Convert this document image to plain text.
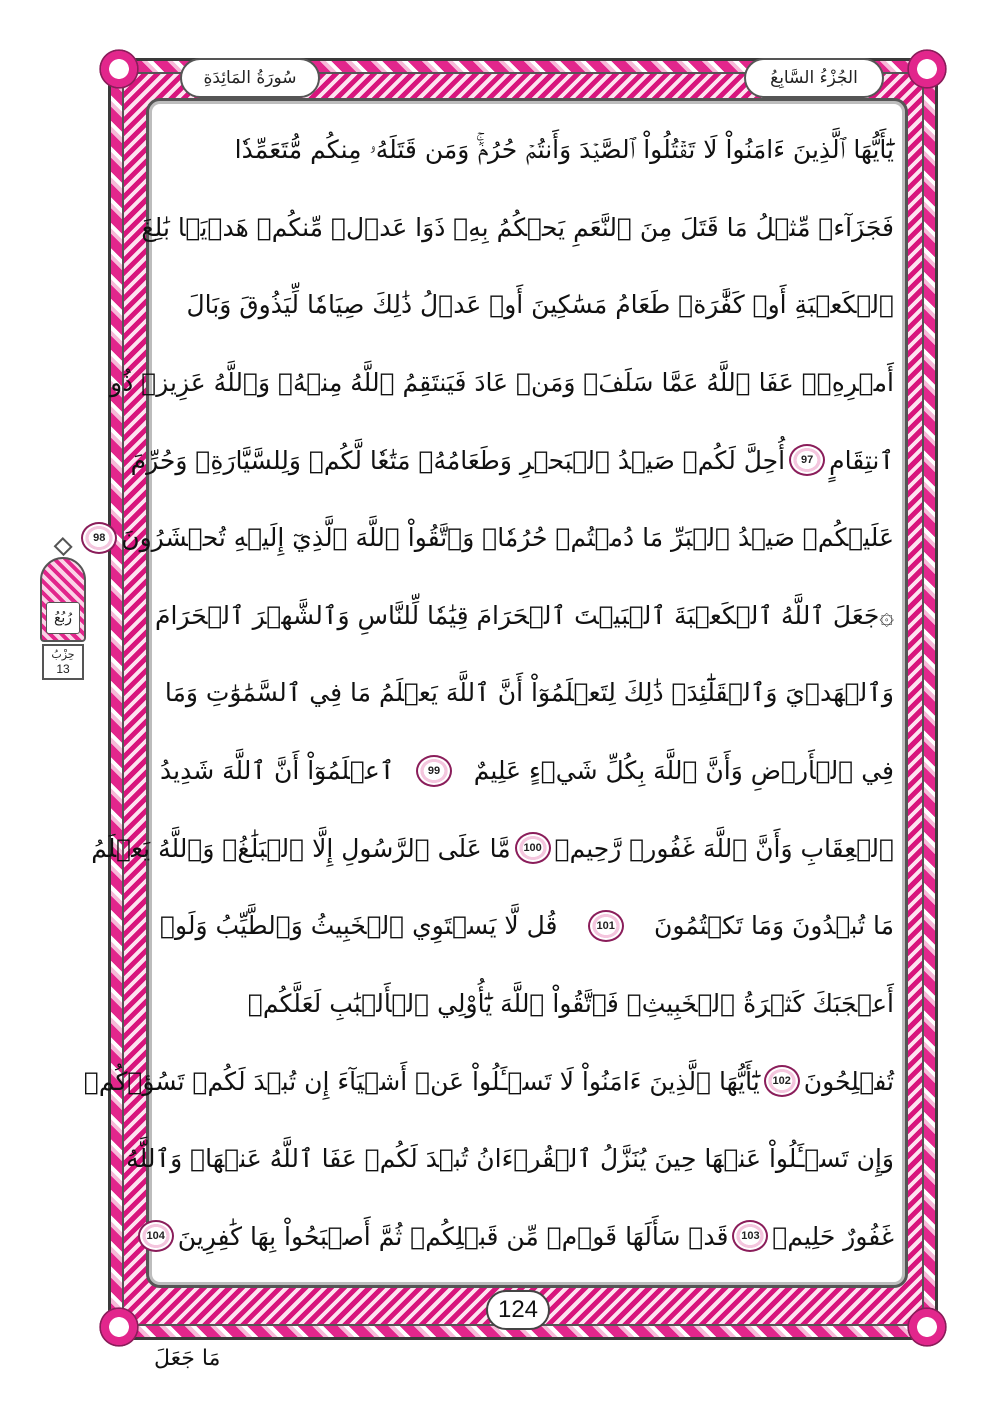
الجُزْءُ السَّابِعُ
سُورَةُ المَائِدَةِ
يَٰٓأَيُّهَا ٱلَّذِينَ ءَامَنُواْ لَا تَقۡتُلُواْ ٱلصَّيۡدَ وَأَنتُمۡ حُرُمٞۚ وَمَن قَتَلَهُۥ مِنكُم مُّتَعَمِّدٗا
فَجَزَآءٞ مِّثۡلُ مَا قَتَلَ مِنَ ٱلنَّعَمِ يَحۡكُمُ بِهِۦ ذَوَا عَدۡلٖ مِّنكُمۡ هَدۡيَۢا بَٰلِغَ
ٱلۡكَعۡبَةِ أَوۡ كَفَّٰرَةٞ طَعَامُ مَسَٰكِينَ أَوۡ عَدۡلُ ذَٰلِكَ صِيَامٗا لِّيَذُوقَ وَبَالَ
أَمۡرِهِۦۗ عَفَا ٱللَّهُ عَمَّا سَلَفَۚ وَمَنۡ عَادَ فَيَنتَقِمُ ٱللَّهُ مِنۡهُۚ وَٱللَّهُ عَزِيزٞ ذُو
ٱنتِقَامٍ
97
أُحِلَّ لَكُمۡ صَيۡدُ ٱلۡبَحۡرِ وَطَعَامُهُۥ مَتَٰعٗا لَّكُمۡ وَلِلسَّيَّارَةِۖ وَحُرِّمَ
عَلَيۡكُمۡ صَيۡدُ ٱلۡبَرِّ مَا دُمۡتُمۡ حُرُمٗاۗ وَٱتَّقُواْ ٱللَّهَ ٱلَّذِيٓ إِلَيۡهِ تُحۡشَرُونَ
98
۞جَعَلَ ٱللَّهُ ٱلۡكَعۡبَةَ ٱلۡبَيۡتَ ٱلۡحَرَامَ قِيَٰمٗا لِّلنَّاسِ وَٱلشَّهۡرَ ٱلۡحَرَامَ
وَٱلۡهَدۡيَ وَٱلۡقَلَٰٓئِدَۚ ذَٰلِكَ لِتَعۡلَمُوٓاْ أَنَّ ٱللَّهَ يَعۡلَمُ مَا فِي ٱلسَّمَٰوَٰتِ وَمَا
فِي ٱلۡأَرۡضِ وَأَنَّ ٱللَّهَ بِكُلِّ شَيۡءٍ عَلِيمٌ
99
ٱعۡلَمُوٓاْ أَنَّ ٱللَّهَ شَدِيدُ
ٱلۡعِقَابِ وَأَنَّ ٱللَّهَ غَفُورٞ رَّحِيمٞ
100
مَّا عَلَى ٱلرَّسُولِ إِلَّا ٱلۡبَلَٰغُۗ وَٱللَّهُ يَعۡلَمُ
مَا تُبۡدُونَ وَمَا تَكۡتُمُونَ
101
قُل لَّا يَسۡتَوِي ٱلۡخَبِيثُ وَٱلطَّيِّبُ وَلَوۡ
أَعۡجَبَكَ كَثۡرَةُ ٱلۡخَبِيثِۚ فَٱتَّقُواْ ٱللَّهَ يَٰٓأُوْلِي ٱلۡأَلۡبَٰبِ لَعَلَّكُمۡ
تُفۡلِحُونَ
102
يَٰٓأَيُّهَا ٱلَّذِينَ ءَامَنُواْ لَا تَسۡـَٔلُواْ عَنۡ أَشۡيَآءَ إِن تُبۡدَ لَكُمۡ تَسُؤۡكُمۡ
وَإِن تَسۡـَٔلُواْ عَنۡهَا حِينَ يُنَزَّلُ ٱلۡقُرۡءَانُ تُبۡدَ لَكُمۡ عَفَا ٱللَّهُ عَنۡهَاۗ وَٱللَّهُ
غَفُورٌ حَلِيمٞ
103
قَدۡ سَأَلَهَا قَوۡمٞ مِّن قَبۡلِكُمۡ ثُمَّ أَصۡبَحُواْ بِهَا كَٰفِرِينَ
104
124
رُبُعُ
حِزْبُ
13
مَا جَعَلَ
